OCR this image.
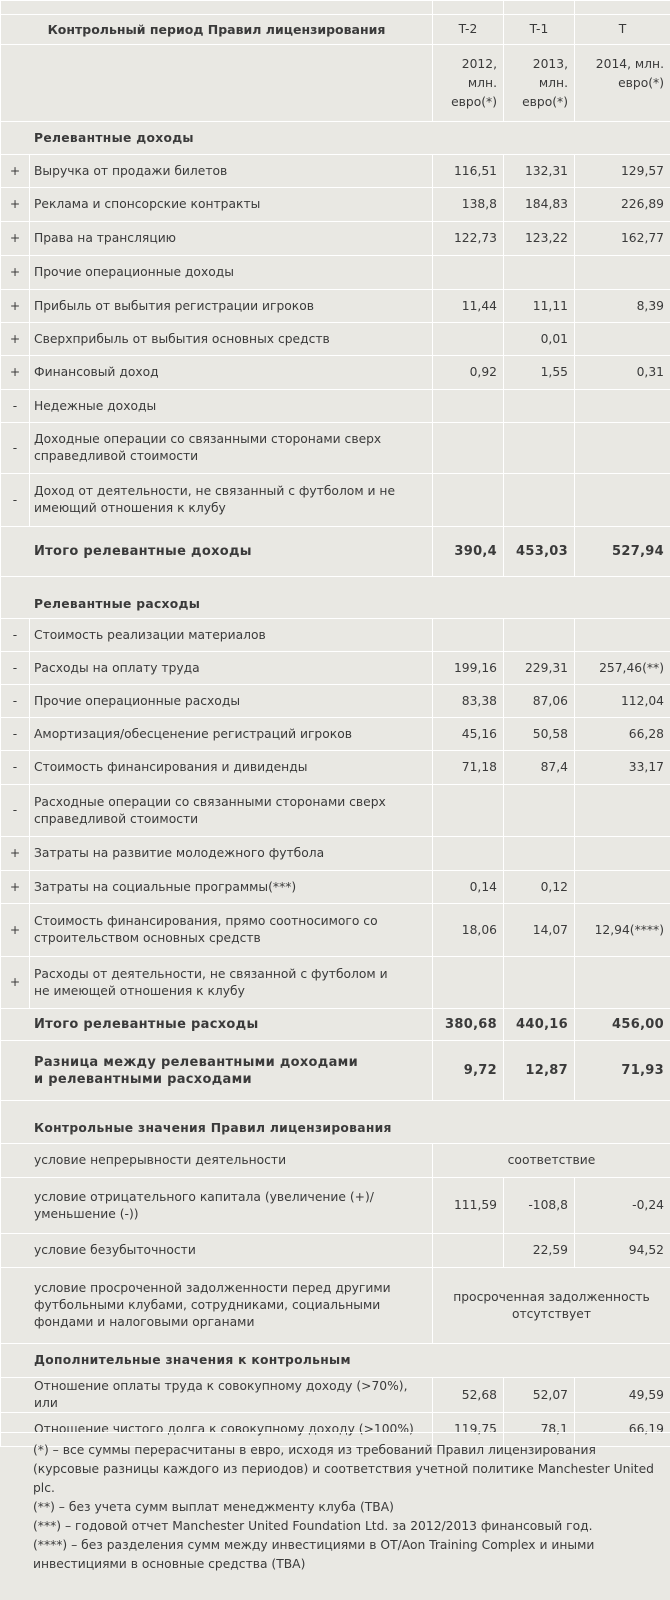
Контрольный период Правил лицензирования		T-2	T-1	T
		2012, млн. евро(*)	2013, млн. евро(*)	2014, млн. евро(*)
Релевантные доходы				
+	Выручка от продажи билетов	116,51	132,31	129,57
+	Реклама и спонсорские контракты	138,8	184,83	226,89
+	Права на трансляцию	122,73	123,22	162,77
+	Прочие операционные доходы			
+	Прибыль от выбытия регистрации игроков	11,44	11,11	8,39
+	Сверхприбыль от выбытия основных средств		0,01	
+	Финансовый доход	0,92	1,55	0,31
-	Недежные доходы			
-	Доходные операции со связанными сторонами сверх справедливой стоимости			
-	Доход от деятельности, не связанный с футболом и не имеющий отношения к клубу			
Итого релевантные доходы		390,4	453,03	527,94
Релевантные расходы				
-	Стоимость реализации материалов			
-	Расходы на оплату труда	199,16	229,31	257,46(**)
-	Прочие операционные расходы	83,38	87,06	112,04
-	Амортизация/обесценение регистраций игроков	45,16	50,58	66,28
-	Стоимость финансирования и дивиденды	71,18	87,4	33,17
-	Расходные операции со связанными сторонами сверх справедливой стоимости			
+	Затраты на развитие молодежного футбола			
+	Затраты на социальные программы(***)	0,14	0,12	
+	Стоимость финансирования, прямо соотносимого со строительством основных средств	18,06	14,07	12,94(****)
+	Расходы от деятельности, не связанной с футболом и не имеющей отношения к клубу			
Итого релевантные расходы		380,68	440,16	456,00
Разница между релевантными доходами и релевантными расходами		9,72	12,87	71,93
Контрольные значения Правил лицензирования				
условие непрерывности деятельности		соответствие		
условие отрицательного капитала (увеличение (+)/уменьшение (-))		111,59	-108,8	-0,24
условие безубыточности			22,59	94,52
условие просроченной задолженности перед другими футбольными клубами, сотрудниками, социальными фондами и налоговыми органами		просроченная задолженность отсутствует		
Дополнительные значения к контрольным				
Отношение оплаты труда к совокупному доходу (>70%), или		52,68	52,07	49,59
Отношение чистого долга к совокупному доходу (>100%)		119,75	78,1	66,19

(*) – все суммы перерасчитаны в евро, исходя из требований Правил лицензирования (курсовые разницы каждого из периодов) и соответствия учетной политике Manchester United plc.

(**) – без учета сумм выплат менеджменту клуба (TBA)

(***) – годовой отчет Manchester United Foundation Ltd. за 2012/2013 финансовый год.

(****) – без разделения сумм между инвестициями в OT/Aon Training Complex и иными инвестициями в основные средства (TBA)
